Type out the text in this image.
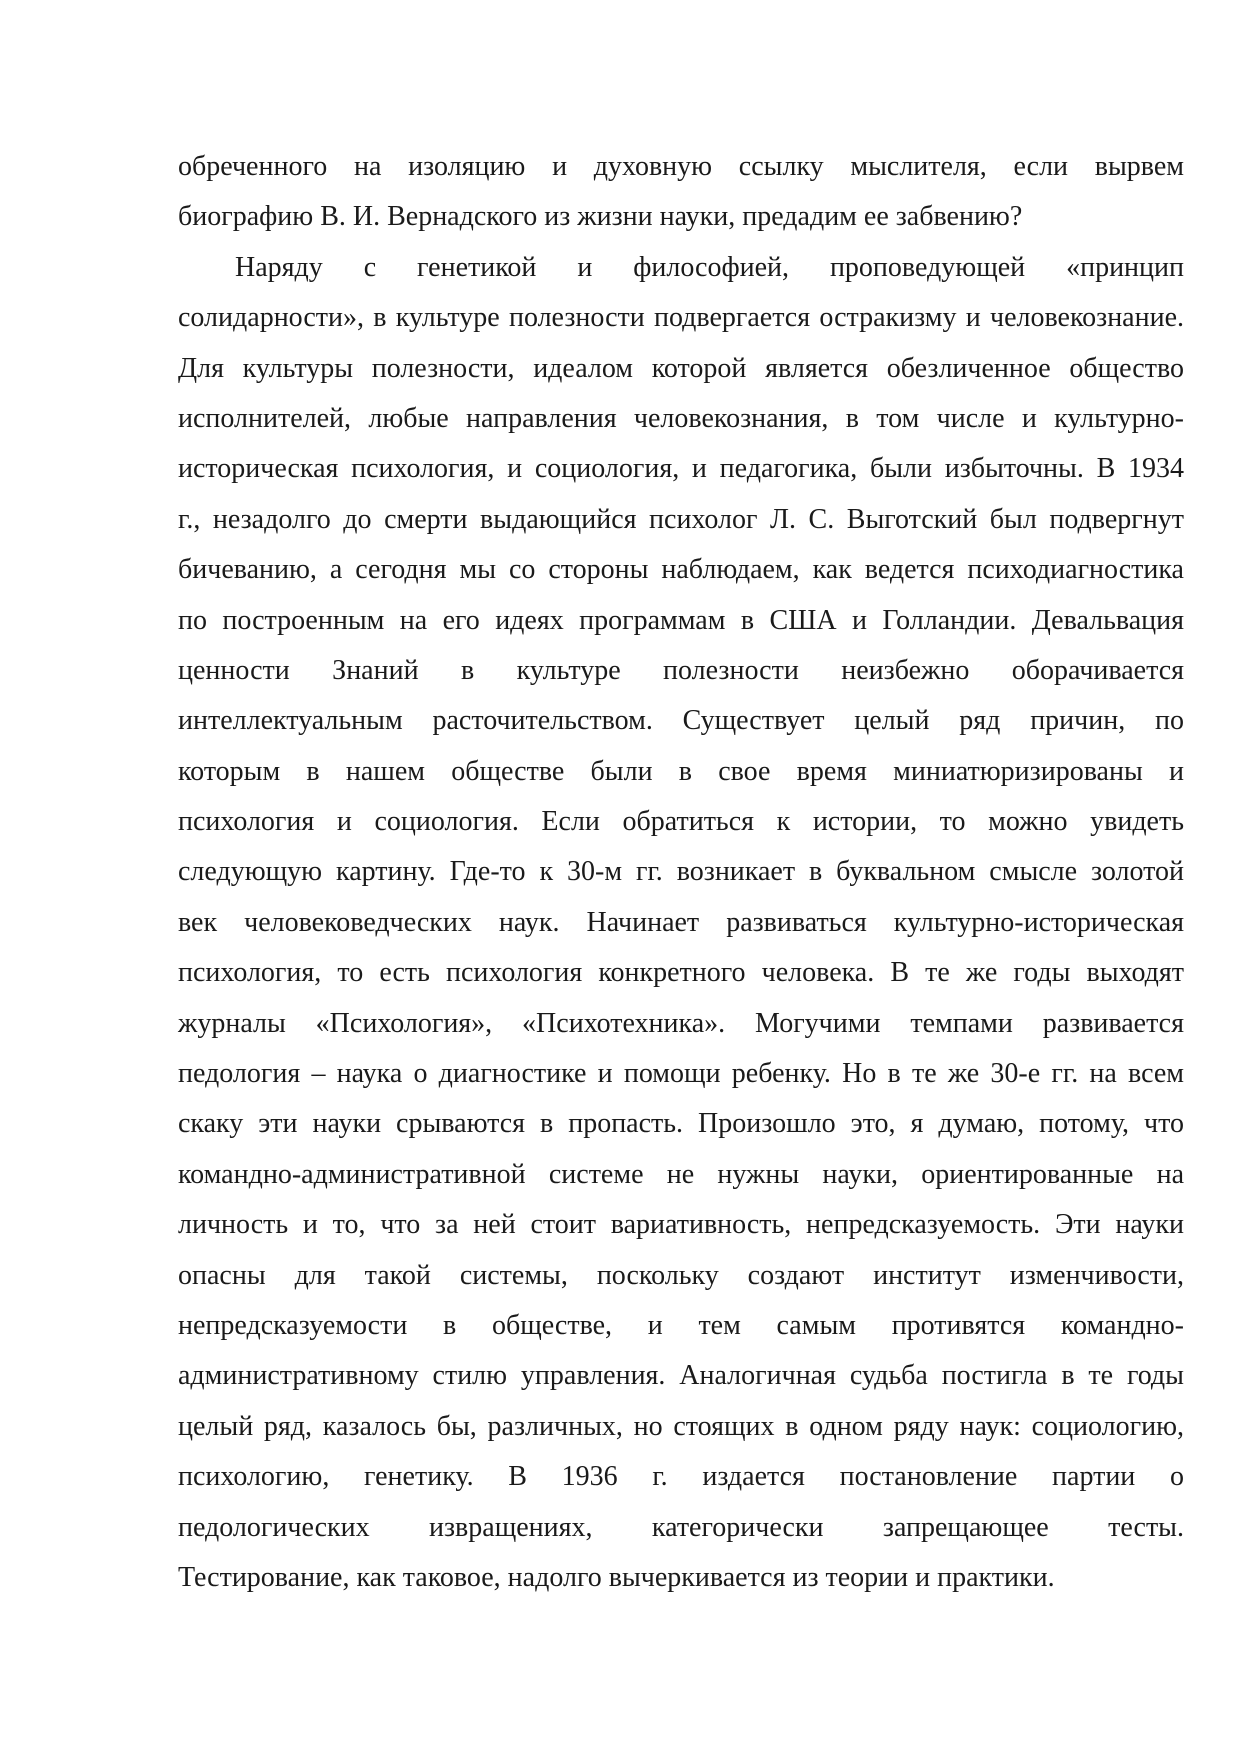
обреченного на изоляцию и духовную ссылку мыслителя, если вырвем
биографию В. И. Вернадского из жизни науки, предадим ее забвению?
Наряду с генетикой и философией, проповедующей «принцип
солидарности», в культуре полезности подвергается остракизму и человекознание.
Для культуры полезности, идеалом которой является обезличенное общество
исполнителей, любые направления человекознания, в том числе и культурно-
историческая психология, и социология, и педагогика, были избыточны. В 1934
г., незадолго до смерти выдающийся психолог Л. С. Выготский был подвергнут
бичеванию, а сегодня мы со стороны наблюдаем, как ведется психодиагностика
по построенным на его идеях программам в США и Голландии. Девальвация
ценности Знаний в культуре полезности неизбежно оборачивается
интеллектуальным расточительством. Существует целый ряд причин, по
которым в нашем обществе были в свое время миниатюризированы и
психология и социология. Если обратиться к истории, то можно увидеть
следующую картину. Где-то к 30-м гг. возникает в буквальном смысле золотой
век человековедческих наук. Начинает развиваться культурно-историческая
психология, то есть психология конкретного человека. В те же годы выходят
журналы «Психология», «Психотехника». Могучими темпами развивается
педология – наука о диагностике и помощи ребенку. Но в те же 30-е гг. на всем
скаку эти науки срываются в пропасть. Произошло это, я думаю, потому, что
командно-административной системе не нужны науки, ориентированные на
личность и то, что за ней стоит вариативность, непредсказуемость. Эти науки
опасны для такой системы, поскольку создают институт изменчивости,
непредсказуемости в обществе, и тем самым противятся командно-
административному стилю управления. Аналогичная судьба постигла в те годы
целый ряд, казалось бы, различных, но стоящих в одном ряду наук: социологию,
психологию, генетику. В 1936 г. издается постановление партии о
педологических извращениях, категорически запрещающее тесты.
Тестирование, как таковое, надолго вычеркивается из теории и практики.
